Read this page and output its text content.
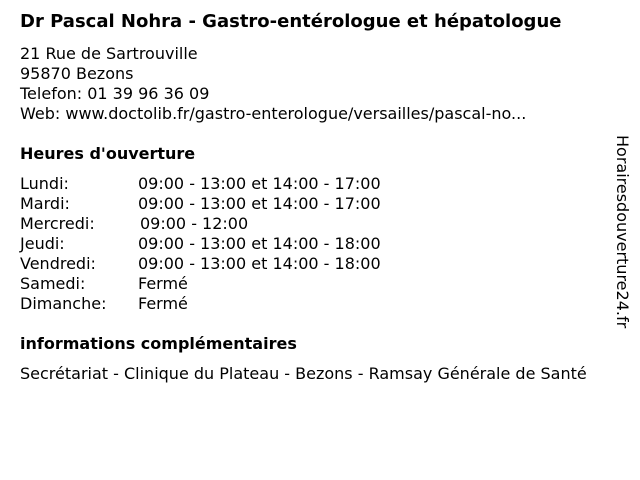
Dr Pascal Nohra - Gastro-entérologue et hépatologue
21 Rue de Sartrouville
95870 Bezons
Telefon: 01 39 96 36 09
Web: www.doctolib.fr/gastro-enterologue/versailles/pascal-no...
Heures d'ouverture
Lundi:	09:00 - 13:00 et 14:00 - 17:00
Mardi:	09:00 - 13:00 et 14:00 - 17:00
Mercredi:	09:00 - 12:00
Jeudi:	09:00 - 13:00 et 14:00 - 18:00
Vendredi:	09:00 - 13:00 et 14:00 - 18:00
Samedi:	Fermé
Dimanche: Fermé
informations complémentaires
Secrétariat - Clinique du Plateau - Bezons - Ramsay Générale de Santé
Horairesdouverture24.fr
